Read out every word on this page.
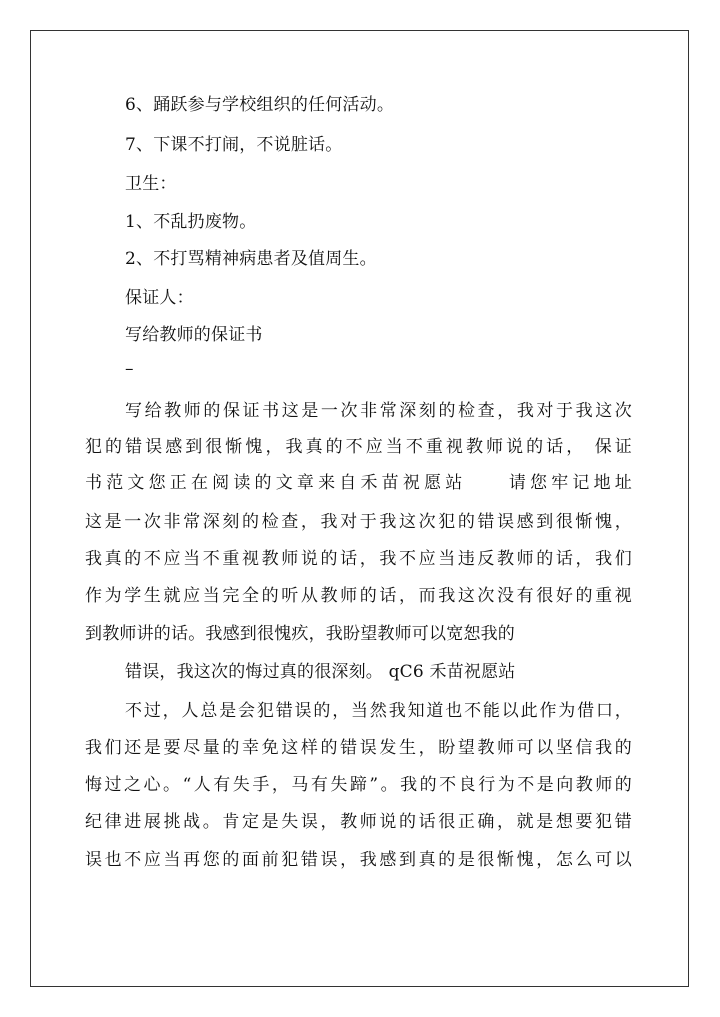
6、踊跃参与学校组织的任何活动。
7、下课不打闹，不说脏话。
卫生：
1、不乱扔废物。
2、不打骂精神病患者及值周生。
保证人：
写给教师的保证书
–
写给教师的保证书这是一次非常深刻的检查，我对于我这次
犯的错误感到很惭愧，我真的不应当不重视教师说的话， 保证
书范文您正在阅读的文章来自禾苗祝愿站　　请您牢记地址
这是一次非常深刻的检查，我对于我这次犯的错误感到很惭愧，
我真的不应当不重视教师说的话，我不应当违反教师的话，我们
作为学生就应当完全的听从教师的话，而我这次没有很好的重视
到教师讲的话。我感到很愧疚，我盼望教师可以宽恕我的
错误，我这次的悔过真的很深刻。 qC6 禾苗祝愿站
不过，人总是会犯错误的，当然我知道也不能以此作为借口，
我们还是要尽量的幸免这样的错误发生，盼望教师可以坚信我的
悔过之心。“人有失手，马有失蹄”。我的不良行为不是向教师的
纪律进展挑战。肯定是失误，教师说的话很正确，就是想要犯错
误也不应当再您的面前犯错误，我感到真的是很惭愧，怎么可以
